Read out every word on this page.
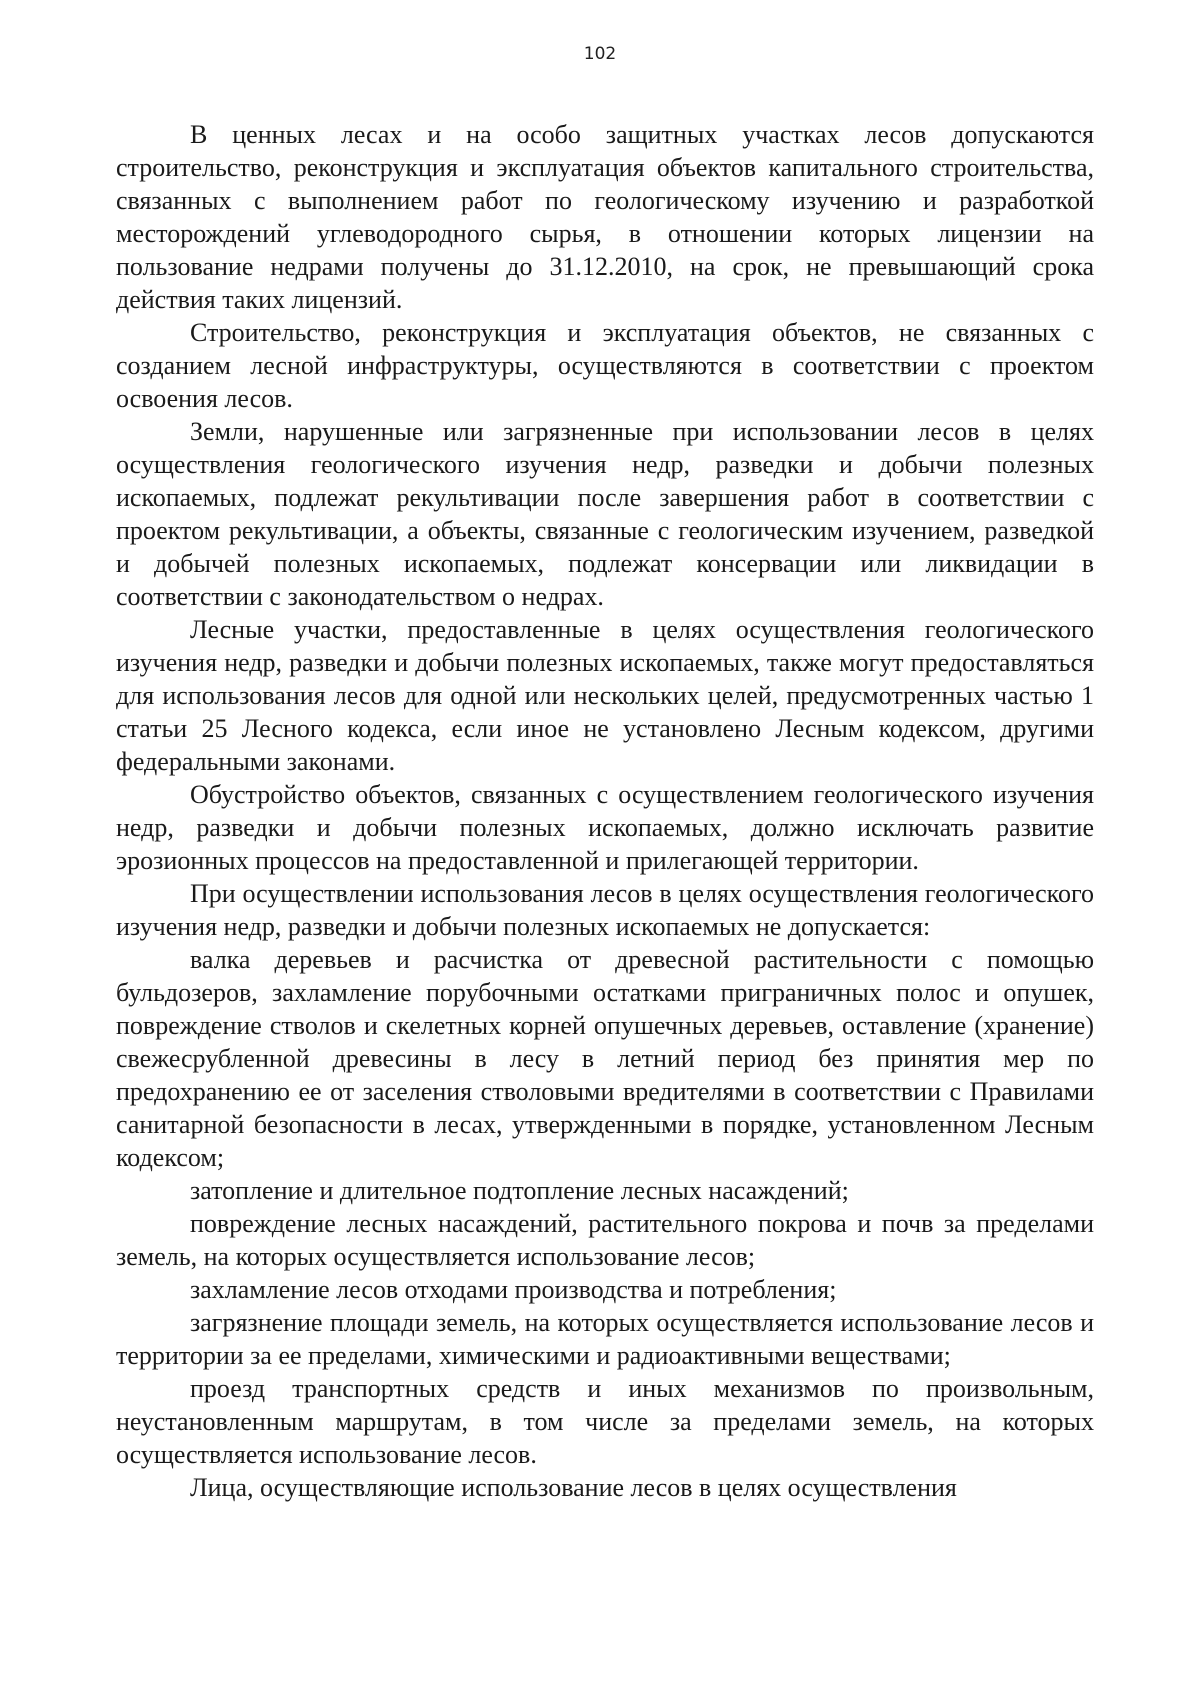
102

В ценных лесах и на особо защитных участках лесов допускаются строительство, реконструкция и эксплуатация объектов капитального строительства, связанных с выполнением работ по геологическому изучению и разработкой месторождений углеводородного сырья, в отношении которых лицензии на пользование недрами получены до 31.12.2010, на срок, не превышающий срока действия таких лицензий.

Строительство, реконструкция и эксплуатация объектов, не связанных с созданием лесной инфраструктуры, осуществляются в соответствии с проектом освоения лесов.

Земли, нарушенные или загрязненные при использовании лесов в целях осуществления геологического изучения недр, разведки и добычи полезных ископаемых, подлежат рекультивации после завершения работ в соответствии с проектом рекультивации, а объекты, связанные с геологическим изучением, разведкой и добычей полезных ископаемых, подлежат консервации или ликвидации в соответствии с законодательством о недрах.

Лесные участки, предоставленные в целях осуществления геологического изучения недр, разведки и добычи полезных ископаемых, также могут предоставляться для использования лесов для одной или нескольких целей, предусмотренных частью 1 статьи 25 Лесного кодекса, если иное не установлено Лесным кодексом, другими федеральными законами.

Обустройство объектов, связанных с осуществлением геологического изучения недр, разведки и добычи полезных ископаемых, должно исключать развитие эрозионных процессов на предоставленной и прилегающей территории.

При осуществлении использования лесов в целях осуществления геологического изучения недр, разведки и добычи полезных ископаемых не допускается:

валка деревьев и расчистка от древесной растительности с помощью бульдозеров, захламление порубочными остатками приграничных полос и опушек, повреждение стволов и скелетных корней опушечных деревьев, оставление (хранение) свежесрубленной древесины в лесу в летний период без принятия мер по предохранению ее от заселения стволовыми вредителями в соответствии с Правилами санитарной безопасности в лесах, утвержденными в порядке, установленном Лесным кодексом;

затопление и длительное подтопление лесных насаждений;

повреждение лесных насаждений, растительного покрова и почв за пределами земель, на которых осуществляется использование лесов;

захламление лесов отходами производства и потребления;

загрязнение площади земель, на которых осуществляется использование лесов и территории за ее пределами, химическими и радиоактивными веществами;

проезд транспортных средств и иных механизмов по произвольным, неустановленным маршрутам, в том числе за пределами земель, на которых осуществляется использование лесов.

Лица, осуществляющие использование лесов в целях осуществления
